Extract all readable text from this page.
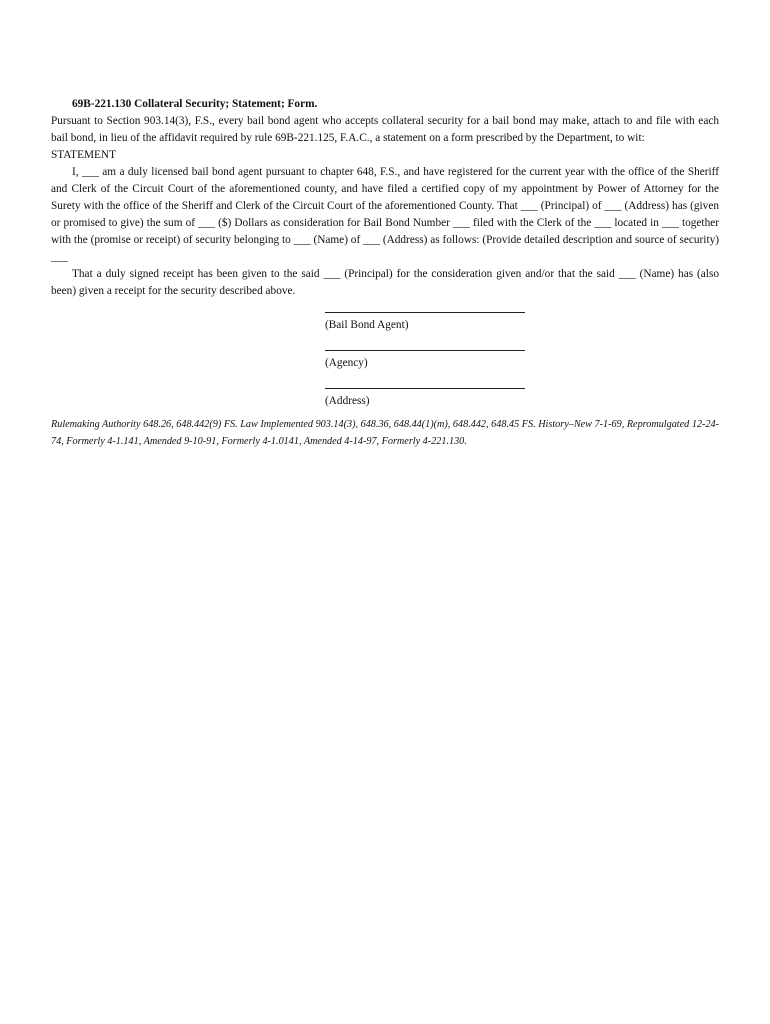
69B-221.130 Collateral Security; Statement; Form.

Pursuant to Section 903.14(3), F.S., every bail bond agent who accepts collateral security for a bail bond may make, attach to and file with each bail bond, in lieu of the affidavit required by rule 69B-221.125, F.A.C., a statement on a form prescribed by the Department, to wit:

STATEMENT

I, ___ am a duly licensed bail bond agent pursuant to chapter 648, F.S., and have registered for the current year with the office of the Sheriff and Clerk of the Circuit Court of the aforementioned county, and have filed a certified copy of my appointment by Power of Attorney for the Surety with the office of the Sheriff and Clerk of the Circuit Court of the aforementioned County. That ___ (Principal) of ___ (Address) has (given or promised to give) the sum of ___ ($) Dollars as consideration for Bail Bond Number ___ filed with the Clerk of the ___ located in ___ together with the (promise or receipt) of security belonging to ___ (Name) of ___ (Address) as follows: (Provide detailed description and source of security) ___

That a duly signed receipt has been given to the said ___ (Principal) for the consideration given and/or that the said ___ (Name) has (also been) given a receipt for the security described above.

(Bail Bond Agent)
(Agency)
(Address)

Rulemaking Authority 648.26, 648.442(9) FS. Law Implemented 903.14(3), 648.36, 648.44(1)(m), 648.442, 648.45 FS. History–New 7-1-69, Repromulgated 12-24-74, Formerly 4-1.141, Amended 9-10-91, Formerly 4-1.0141, Amended 4-14-97, Formerly 4-221.130.
